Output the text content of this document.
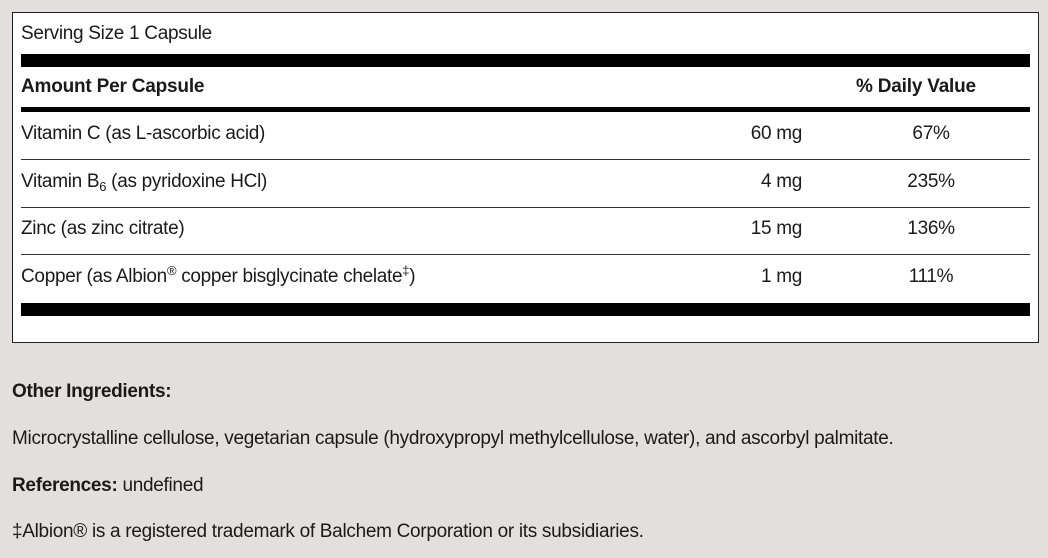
Serving Size 1 Capsule
Amount Per Capsule	% Daily Value
Vitamin C (as L-ascorbic acid)	60 mg	67%
Vitamin $B_6$ (as pyridoxine HCl)	4 mg	235%
Zinc (as zinc citrate)	15 mg	136%
Copper (as Albion® copper bisglycinate chelate‡)	1 mg	111%
Other Ingredients:
Microcrystalline cellulose, vegetarian capsule (hydroxypropyl methylcellulose, water), and ascorbyl palmitate.
References: undefined
‡Albion® is a registered trademark of Balchem Corporation or its subsidiaries.
